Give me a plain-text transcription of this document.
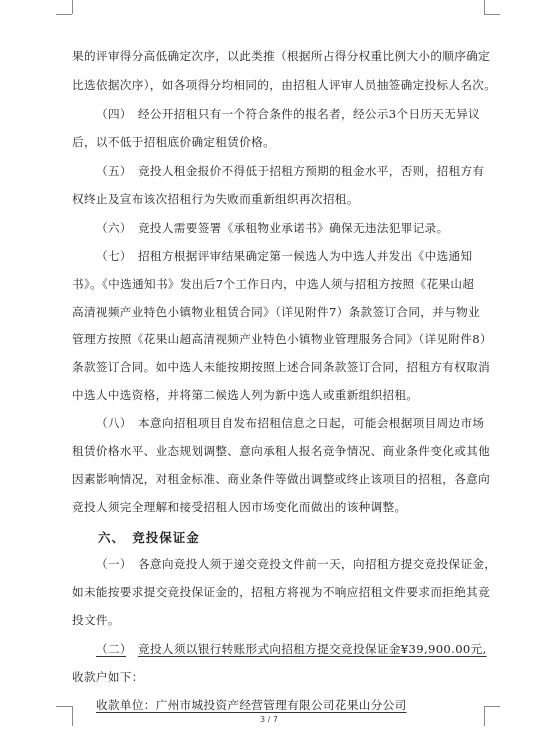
果的评审得分高低确定次序，以此类推（根据所占得分权重比例大小的顺序确定
比选依据次序），如各项得分均相同的，由招租人评审人员抽签确定投标人名次。
（四）　经公开招租只有一个符合条件的报名者，经公示3个日历天无异议
后，以不低于招租底价确定租赁价格。
（五）　竞投人租金报价不得低于招租方预期的租金水平，否则，招租方有
权终止及宣布该次招租行为失败而重新组织再次招租。
（六）　竞投人需要签署《承租物业承诺书》确保无违法犯罪记录。
（七）　招租方根据评审结果确定第一候选人为中选人并发出《中选通知
书》。《中选通知书》发出后7个工作日内，中选人须与招租方按照《花果山超
高清视频产业特色小镇物业租赁合同》（详见附件7）条款签订合同，并与物业
管理方按照《花果山超高清视频产业特色小镇物业管理服务合同》（详见附件8）
条款签订合同。如中选人未能按期按照上述合同条款签订合同，招租方有权取消
中选人中选资格，并将第二候选人列为新中选人或重新组织招租。
（八）　本意向招租项目自发布招租信息之日起，可能会根据项目周边市场
租赁价格水平、业态规划调整、意向承租人报名竞争情况、商业条件变化或其他
因素影响情况，对租金标准、商业条件等做出调整或终止该项目的招租，各意向
竞投人须完全理解和接受招租人因市场变化而做出的该种调整。
六、　竞投保证金
（一）　各意向竞投人须于递交竞投文件前一天，向招租方提交竞投保证金，
如未能按要求提交竞投保证金的，招租方将视为不响应招租文件要求而拒绝其竞
投文件。
（二）　 竞投人须以银行转账形式向招租方提交竞投保证金¥39,900.00元,
收款户如下：
收款单位：广州市城投资产经营管理有限公司花果山分公司
3 / 7
